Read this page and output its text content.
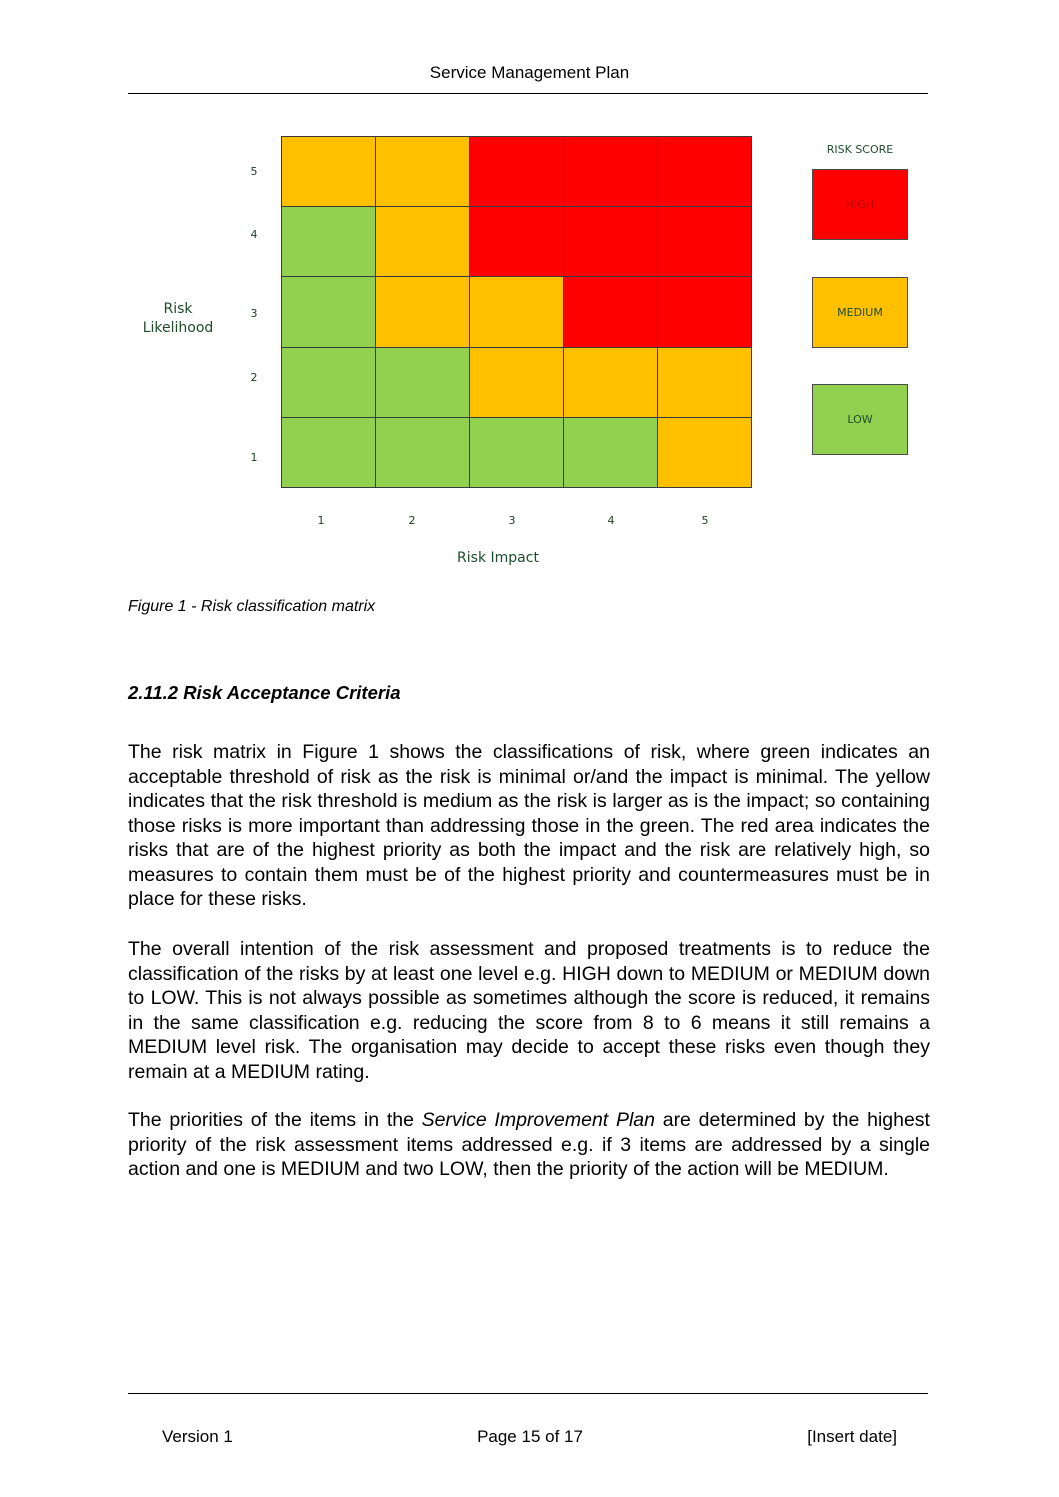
Service Management Plan
5
4
3
2
1
1	2	3	4	5
Risk Likelihood
Risk Impact
RISK SCORE
HIGH
MEDIUM
LOW
Figure 1 - Risk classification matrix
2.11.2 Risk Acceptance Criteria

The risk matrix in Figure 1 shows the classifications of risk, where green indicates an acceptable threshold of risk as the risk is minimal or/and the impact is minimal. The yellow indicates that the risk threshold is medium as the risk is larger as is the impact; so containing those risks is more important than addressing those in the green. The red area indicates the risks that are of the highest priority as both the impact and the risk are relatively high, so measures to contain them must be of the highest priority and countermeasures must be in place for these risks.

The overall intention of the risk assessment and proposed treatments is to reduce the classification of the risks by at least one level e.g. HIGH down to MEDIUM or MEDIUM down to LOW. This is not always possible as sometimes although the score is reduced, it remains in the same classification e.g. reducing the score from 8 to 6 means it still remains a MEDIUM level risk. The organisation may decide to accept these risks even though they remain at a MEDIUM rating.

The priorities of the items in the Service Improvement Plan are determined by the highest priority of the risk assessment items addressed e.g. if 3 items are addressed by a single action and one is MEDIUM and two LOW, then the priority of the action will be MEDIUM.

Version 1	Page 15 of 17	[Insert date]
